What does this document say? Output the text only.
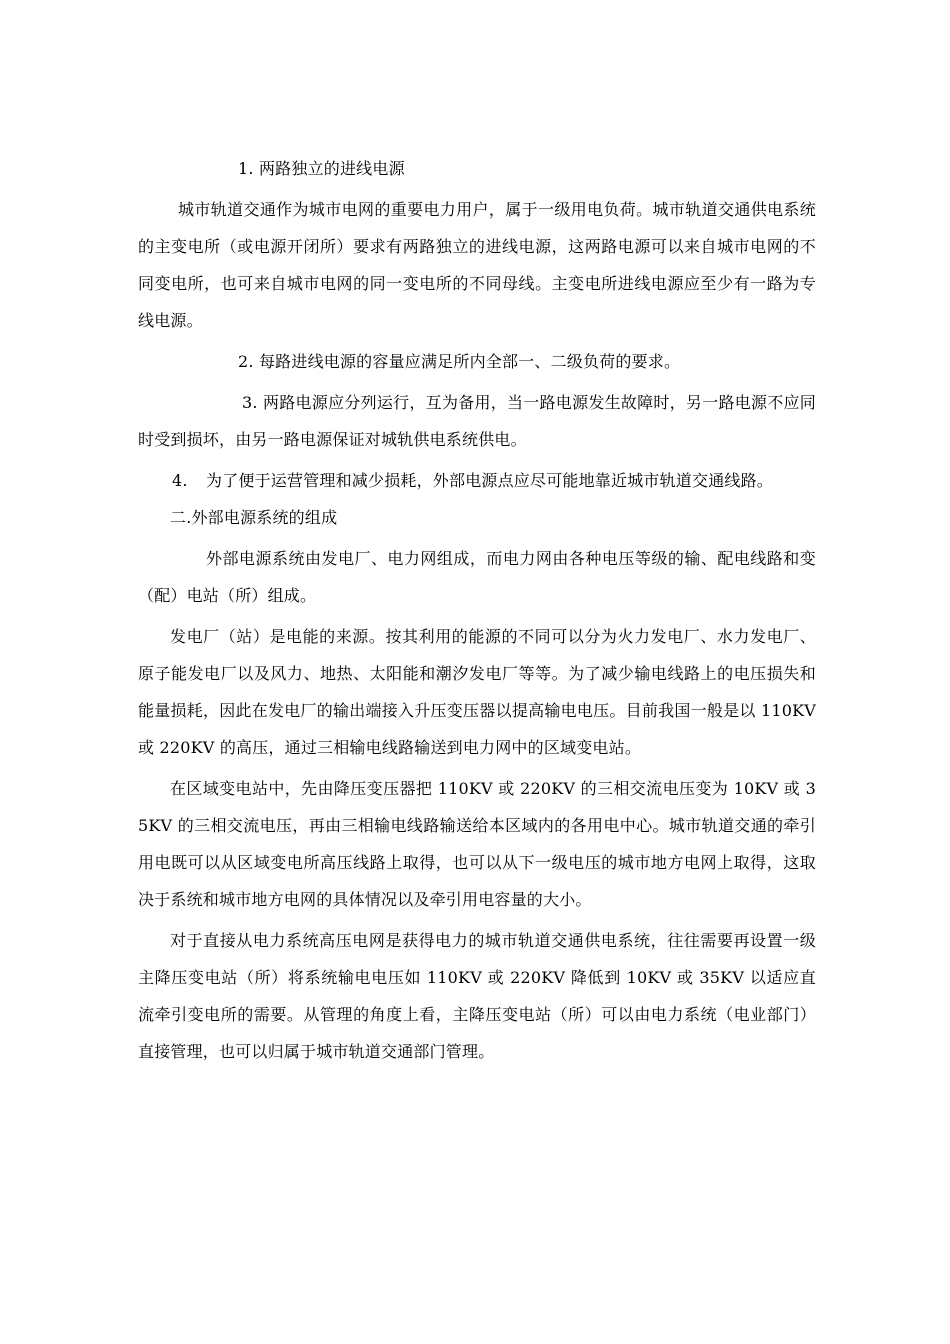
1. 两路独立的进线电源

城市轨道交通作为城市电网的重要电力用户，属于一级用电负荷。城市轨道交通供电系统的主变电所（或电源开闭所）要求有两路独立的进线电源，这两路电源可以来自城市电网的不同变电所，也可来自城市电网的同一变电所的不同母线。主变电所进线电源应至少有一路为专线电源。

2. 每路进线电源的容量应满足所内全部一、二级负荷的要求。

3. 两路电源应分列运行，互为备用，当一路电源发生故障时，另一路电源不应同时受到损坏，由另一路电源保证对城轨供电系统供电。

4. 为了便于运营管理和减少损耗，外部电源点应尽可能地靠近城市轨道交通线路。

二.外部电源系统的组成

外部电源系统由发电厂、电力网组成，而电力网由各种电压等级的输、配电线路和变（配）电站（所）组成。

发电厂（站）是电能的来源。按其利用的能源的不同可以分为火力发电厂、水力发电厂、原子能发电厂以及风力、地热、太阳能和潮汐发电厂等等。为了减少输电线路上的电压损失和能量损耗，因此在发电厂的输出端接入升压变压器以提高输电电压。目前我国一般是以 110KV 或 220KV 的高压，通过三相输电线路输送到电力网中的区域变电站。

在区域变电站中，先由降压变压器把 110KV 或 220KV 的三相交流电压变为 10KV 或 35KV 的三相交流电压，再由三相输电线路输送给本区域内的各用电中心。城市轨道交通的牵引用电既可以从区域变电所高压线路上取得，也可以从下一级电压的城市地方电网上取得，这取决于系统和城市地方电网的具体情况以及牵引用电容量的大小。

对于直接从电力系统高压电网是获得电力的城市轨道交通供电系统，往往需要再设置一级主降压变电站（所）将系统输电电压如 110KV 或 220KV 降低到 10KV 或 35KV 以适应直流牵引变电所的需要。从管理的角度上看，主降压变电站（所）可以由电力系统（电业部门）直接管理，也可以归属于城市轨道交通部门管理。
